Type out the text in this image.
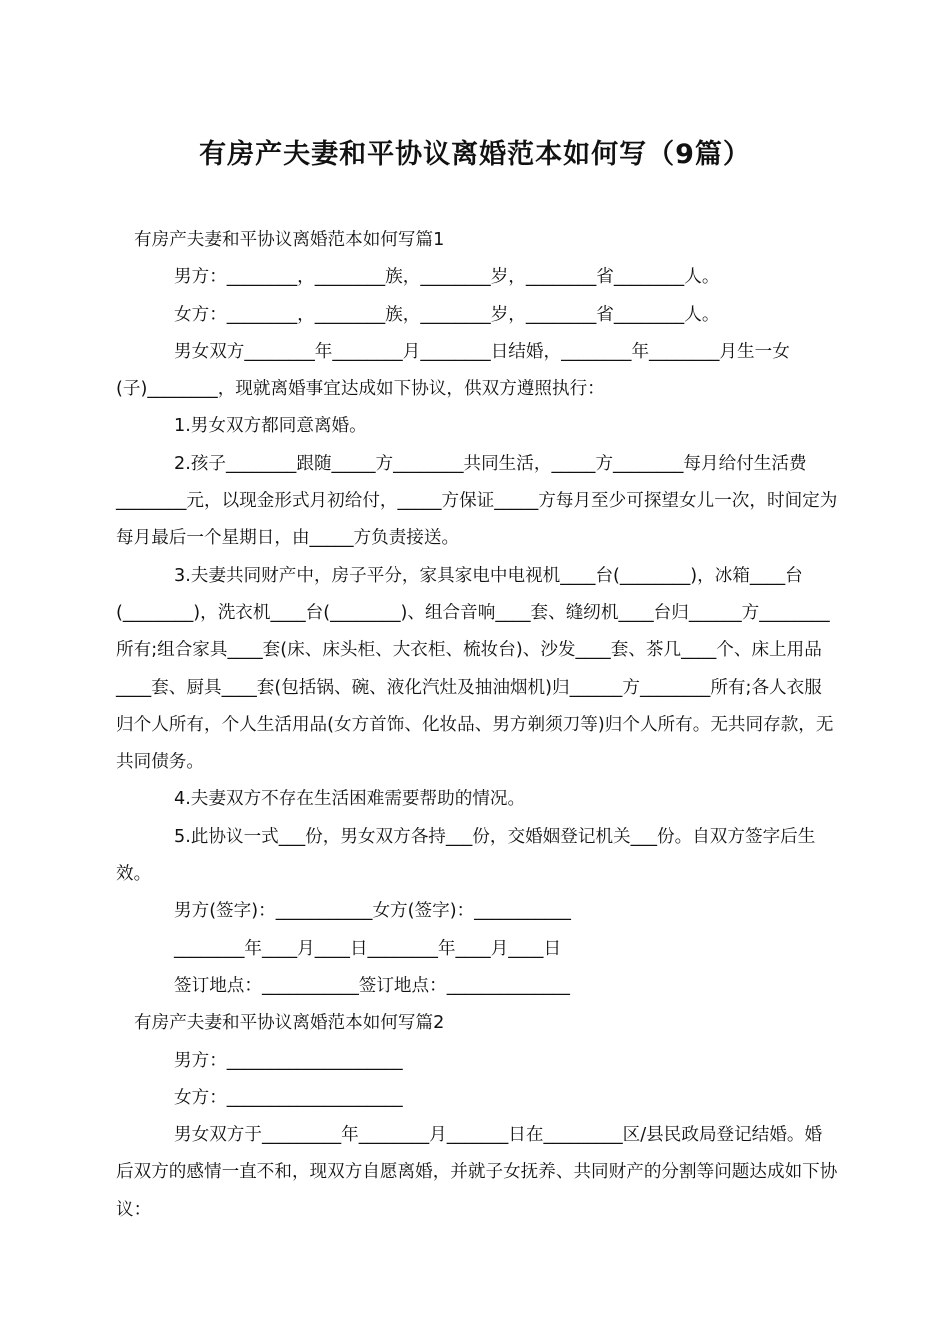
有房产夫妻和平协议离婚范本如何写（9篇）

有房产夫妻和平协议离婚范本如何写篇1

男方：________，________族，________岁，________省________人。

女方：________，________族，________岁，________省________人。

男女双方________年________月________日结婚，________年________月生一女(子)________，现就离婚事宜达成如下协议，供双方遵照执行：

1.男女双方都同意离婚。

2.孩子________跟随_____方________共同生活，_____方________每月给付生活费________元，以现金形式月初给付，_____方保证_____方每月至少可探望女儿一次，时间定为每月最后一个星期日，由_____方负责接送。

3.夫妻共同财产中，房子平分，家具家电中电视机____台(________)，冰箱____台(________)，洗衣机____台(________)、组合音响____套、缝纫机____台归______方________所有;组合家具____套(床、床头柜、大衣柜、梳妆台)、沙发____套、茶几____个、床上用品____套、厨具____套(包括锅、碗、液化汽灶及抽油烟机)归______方________所有;各人衣服归个人所有，个人生活用品(女方首饰、化妆品、男方剃须刀等)归个人所有。无共同存款，无共同债务。

4.夫妻双方不存在生活困难需要帮助的情况。

5.此协议一式___份，男女双方各持___份，交婚姻登记机关___份。自双方签字后生效。

男方(签字)：___________女方(签字)：___________

________年____月____日________年____月____日

签订地点：___________签订地点：______________

有房产夫妻和平协议离婚范本如何写篇2

男方：____________________

女方：____________________

男女双方于_________年________月_______日在_________区/县民政局登记结婚。婚后双方的感情一直不和，现双方自愿离婚，并就子女抚养、共同财产的分割等问题达成如下协议：
